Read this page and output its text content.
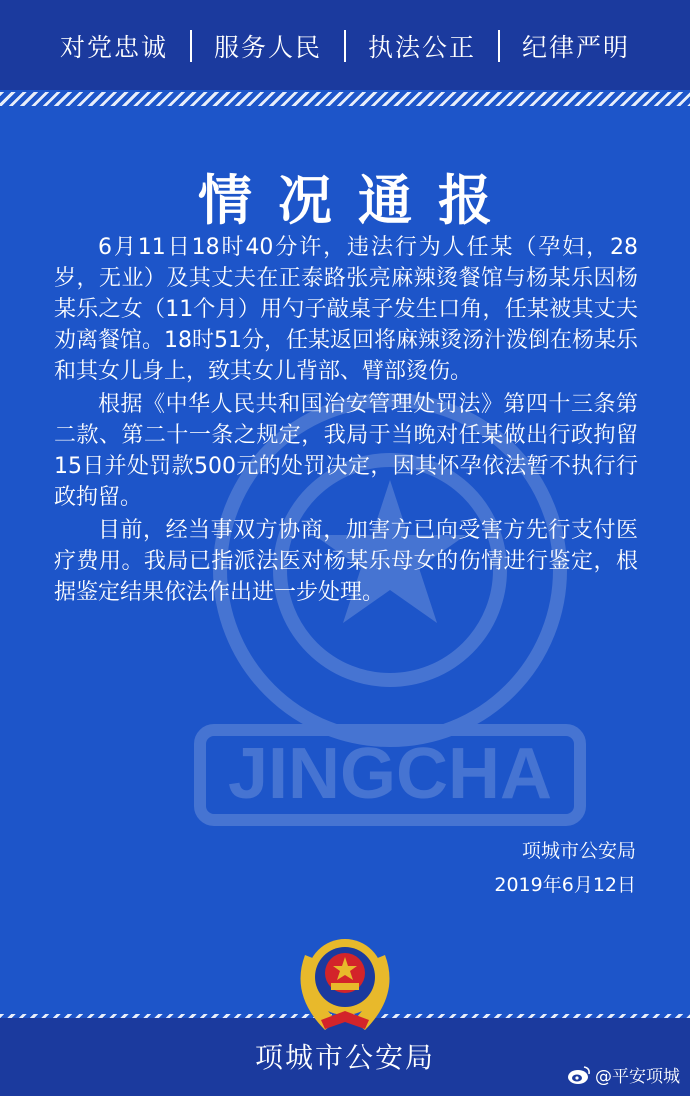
对党忠诚 服务人民 执法公正 纪律严明
JINGCHA
情况通报

6月11日18时40分许，违法行为人任某（孕妇，28岁，无业）及其丈夫在正泰路张亮麻辣烫餐馆与杨某乐因杨某乐之女（11个月）用勺子敲桌子发生口角，任某被其丈夫劝离餐馆。18时51分，任某返回将麻辣烫汤汁泼倒在杨某乐和其女儿身上，致其女儿背部、臂部烫伤。

根据《中华人民共和国治安管理处罚法》第四十三条第二款、第二十一条之规定，我局于当晚对任某做出行政拘留15日并处罚款500元的处罚决定，因其怀孕依法暂不执行行政拘留。

目前，经当事双方协商，加害方已向受害方先行支付医疗费用。我局已指派法医对杨某乐母女的伤情进行鉴定，根据鉴定结果依法作出进一步处理。

项城市公安局
2019年6月12日
项城市公安局
@平安项城
